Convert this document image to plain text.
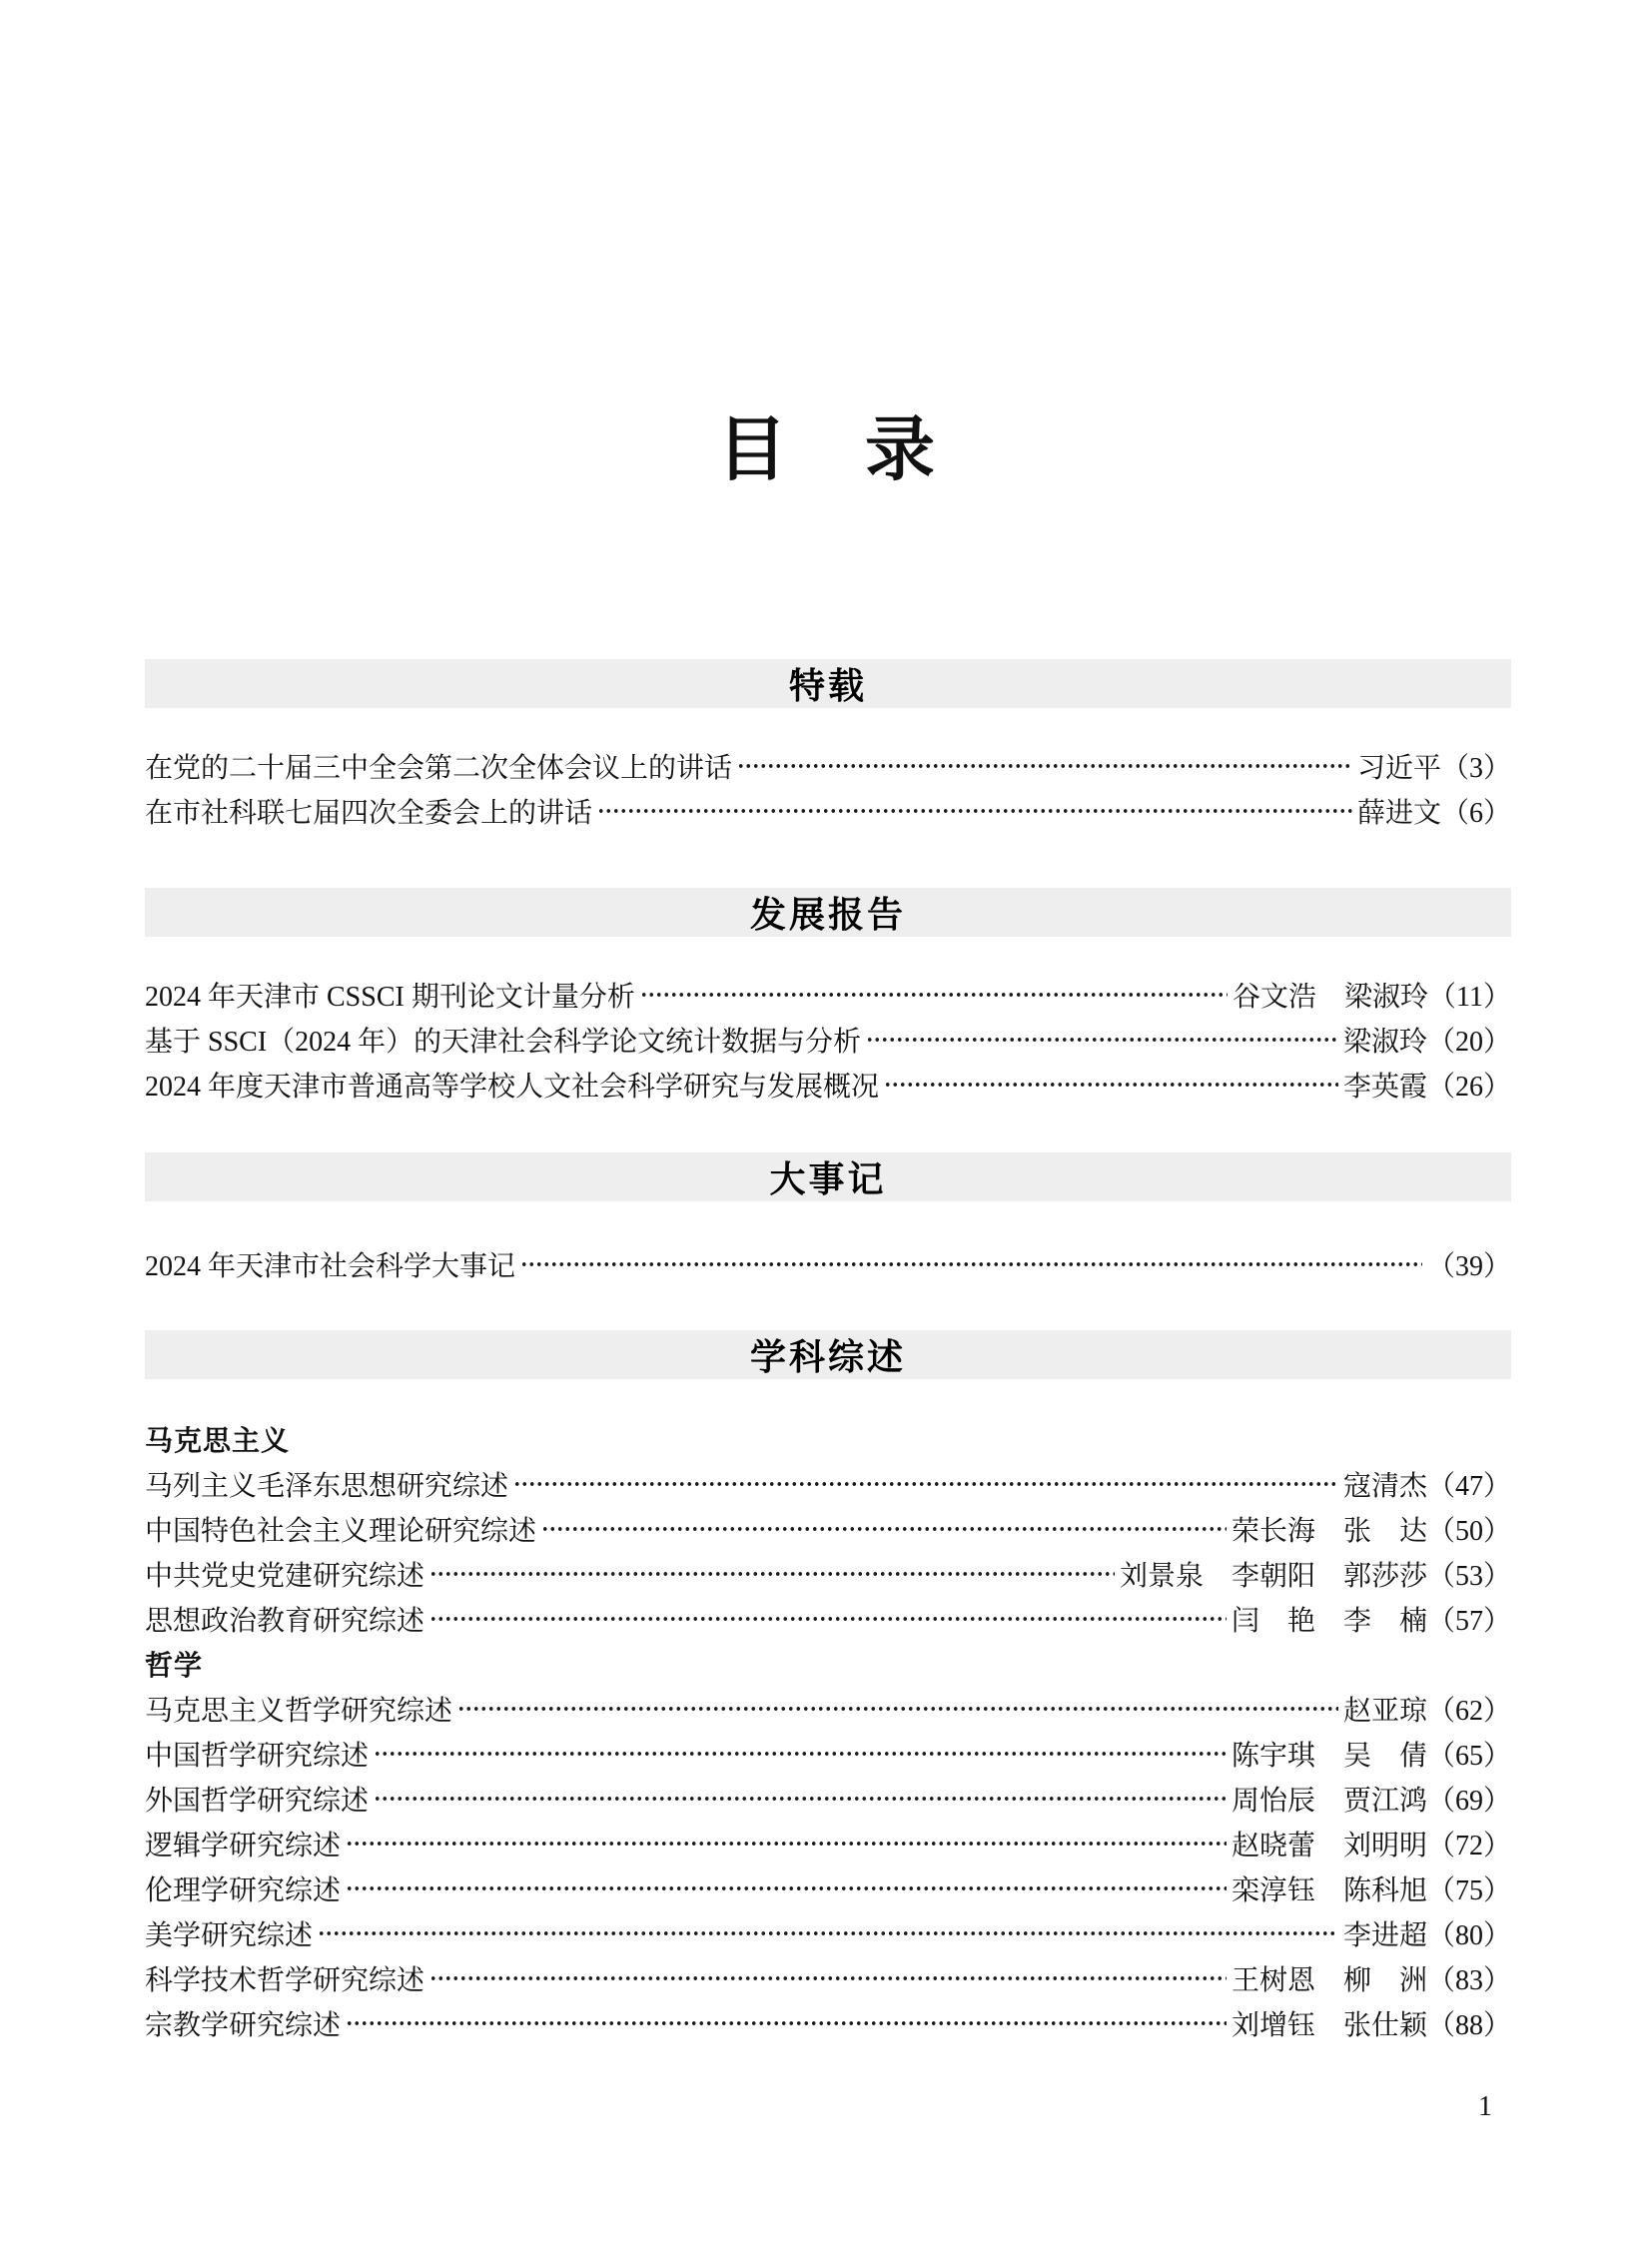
目　录
特载
在党的二十届三中全会第二次全体会议上的讲话	习近平 （3）
在市社科联七届四次全委会上的讲话	薛进文 （6）
发展报告
2024 年天津市 CSSCI 期刊论文计量分析	谷文浩　梁淑玲 （11）
基于 SSCI（2024 年）的天津社会科学论文统计数据与分析	梁淑玲 （20）
2024 年度天津市普通高等学校人文社会科学研究与发展概况	李英霞 （26）
大事记
2024 年天津市社会科学大事记	（39）
学科综述
马克思主义
马列主义毛泽东思想研究综述	寇清杰 （47）
中国特色社会主义理论研究综述	荣长海　张　达 （50）
中共党史党建研究综述	刘景泉　李朝阳　郭莎莎 （53）
思想政治教育研究综述	闫　艳　李　楠 （57）
哲学
马克思主义哲学研究综述	赵亚琼 （62）
中国哲学研究综述	陈宇琪　吴　倩 （65）
外国哲学研究综述	周怡辰　贾江鸿 （69）
逻辑学研究综述	赵晓蕾　刘明明 （72）
伦理学研究综述	栾淳钰　陈科旭 （75）
美学研究综述	李进超 （80）
科学技术哲学研究综述	王树恩　柳　洲 （83）
宗教学研究综述	刘增钰　张仕颖 （88）
1
